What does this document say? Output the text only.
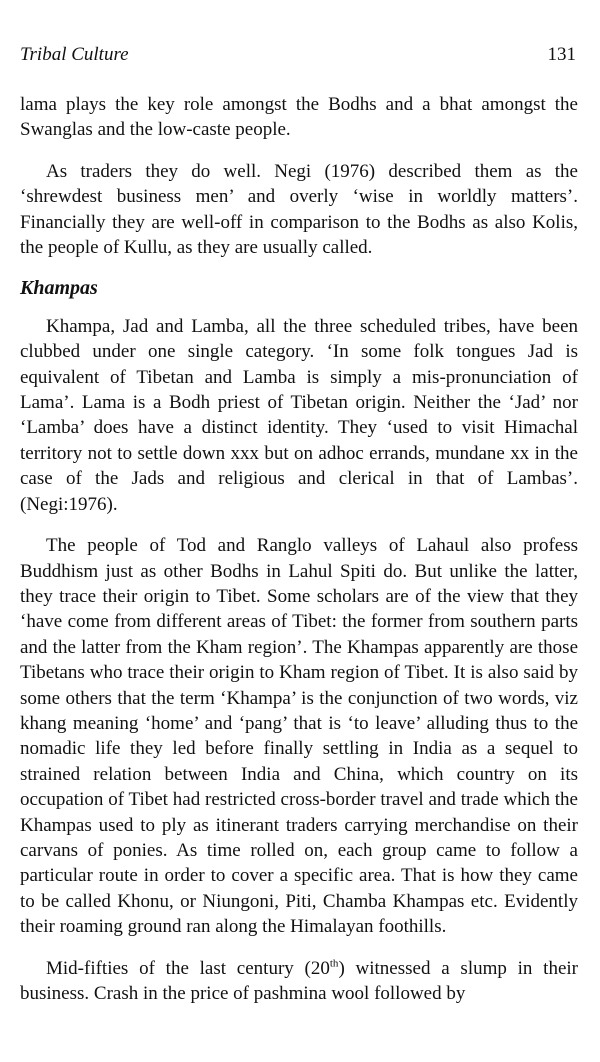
Tribal Culture	131

lama plays the key role amongst the Bodhs and a bhat amongst the Swanglas and the low-caste people.

As traders they do well. Negi (1976) described them as the ‘shrewdest business men’ and overly ‘wise in worldly matters’. Financially they are well-off in comparison to the Bodhs as also Kolis, the people of Kullu, as they are usually called.

Khampas

Khampa, Jad and Lamba, all the three scheduled tribes, have been clubbed under one single category. ‘In some folk tongues Jad is equivalent of Tibetan and Lamba is simply a mis-pronunciation of Lama’. Lama is a Bodh priest of Tibetan origin. Neither the ‘Jad’ nor ‘Lamba’ does have a distinct identity. They ‘used to visit Himachal territory not to settle down xxx but on adhoc errands, mundane xx in the case of the Jads and religious and clerical in that of Lambas’. (Negi:1976).

The people of Tod and Ranglo valleys of Lahaul also profess Buddhism just as other Bodhs in Lahul Spiti do. But unlike the latter, they trace their origin to Tibet. Some scholars are of the view that they ‘have come from different areas of Tibet: the former from southern parts and the latter from the Kham region’. The Khampas apparently are those Tibetans who trace their origin to Kham region of Tibet. It is also said by some others that the term ‘Khampa’ is the conjunction of two words, viz khang meaning ‘home’ and ‘pang’ that is ‘to leave’ alluding thus to the nomadic life they led before finally settling in India as a sequel to strained relation between India and China, which country on its occupation of Tibet had restricted cross-border travel and trade which the Khampas used to ply as itinerant traders carrying merchandise on their carvans of ponies. As time rolled on, each group came to follow a particular route in order to cover a specific area. That is how they came to be called Khonu, or Niungoni, Piti, Chamba Khampas etc. Evidently their roaming ground ran along the Himalayan foothills.

Mid-fifties of the last century (20th) witnessed a slump in their business. Crash in the price of pashmina wool followed by
